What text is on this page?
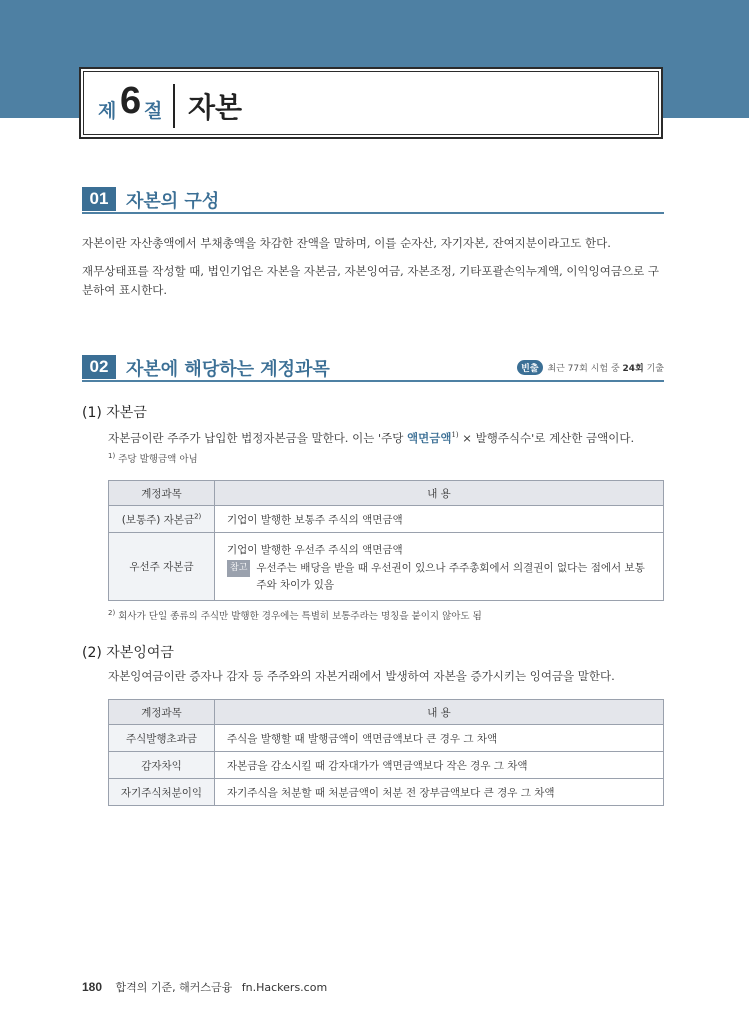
제 6 절 자본
01 자본의 구성

자본이란 자산총액에서 부채총액을 차감한 잔액을 말하며, 이를 순자산, 자기자본, 잔여지분이라고도 한다.

재무상태표를 작성할 때, 법인기업은 자본을 자본금, 자본잉여금, 자본조정, 기타포괄손익누계액, 이익잉여금으로 구분하여 표시한다.

02 자본에 해당하는 계정과목	빈출 최근 77회 시험 중 24회 기출
(1) 자본금

자본금이란 주주가 납입한 법정자본금을 말한다. 이는 '주당 액면금액$^{1)}$ × 발행주식수'로 계산한 금액이다.

$^{1)}$ 주당 발행금액 아님
계정과목	내 용
(보통주) 자본금$^{2)}$	기업이 발행한 보통주 주식의 액면금액
우선주 자본금	기업이 발행한 우선주 주식의 액면금액
참고 우선주는 배당을 받을 때 우선권이 있으나 주주총회에서 의결권이 없다는 점에서 보통주와 차이가 있음
$^{2)}$ 회사가 단일 종류의 주식만 발행한 경우에는 특별히 보통주라는 명칭을 붙이지 않아도 됨
(2) 자본잉여금

자본잉여금이란 증자나 감자 등 주주와의 자본거래에서 발생하여 자본을 증가시키는 잉여금을 말한다.

계정과목	내 용
주식발행초과금	주식을 발행할 때 발행금액이 액면금액보다 큰 경우 그 차액
감자차익	자본금을 감소시킬 때 감자대가가 액면금액보다 작은 경우 그 차액
자기주식처분이익	자기주식을 처분할 때 처분금액이 처분 전 장부금액보다 큰 경우 그 차액
180 합격의 기준, 해커스금융 fn.Hackers.com
